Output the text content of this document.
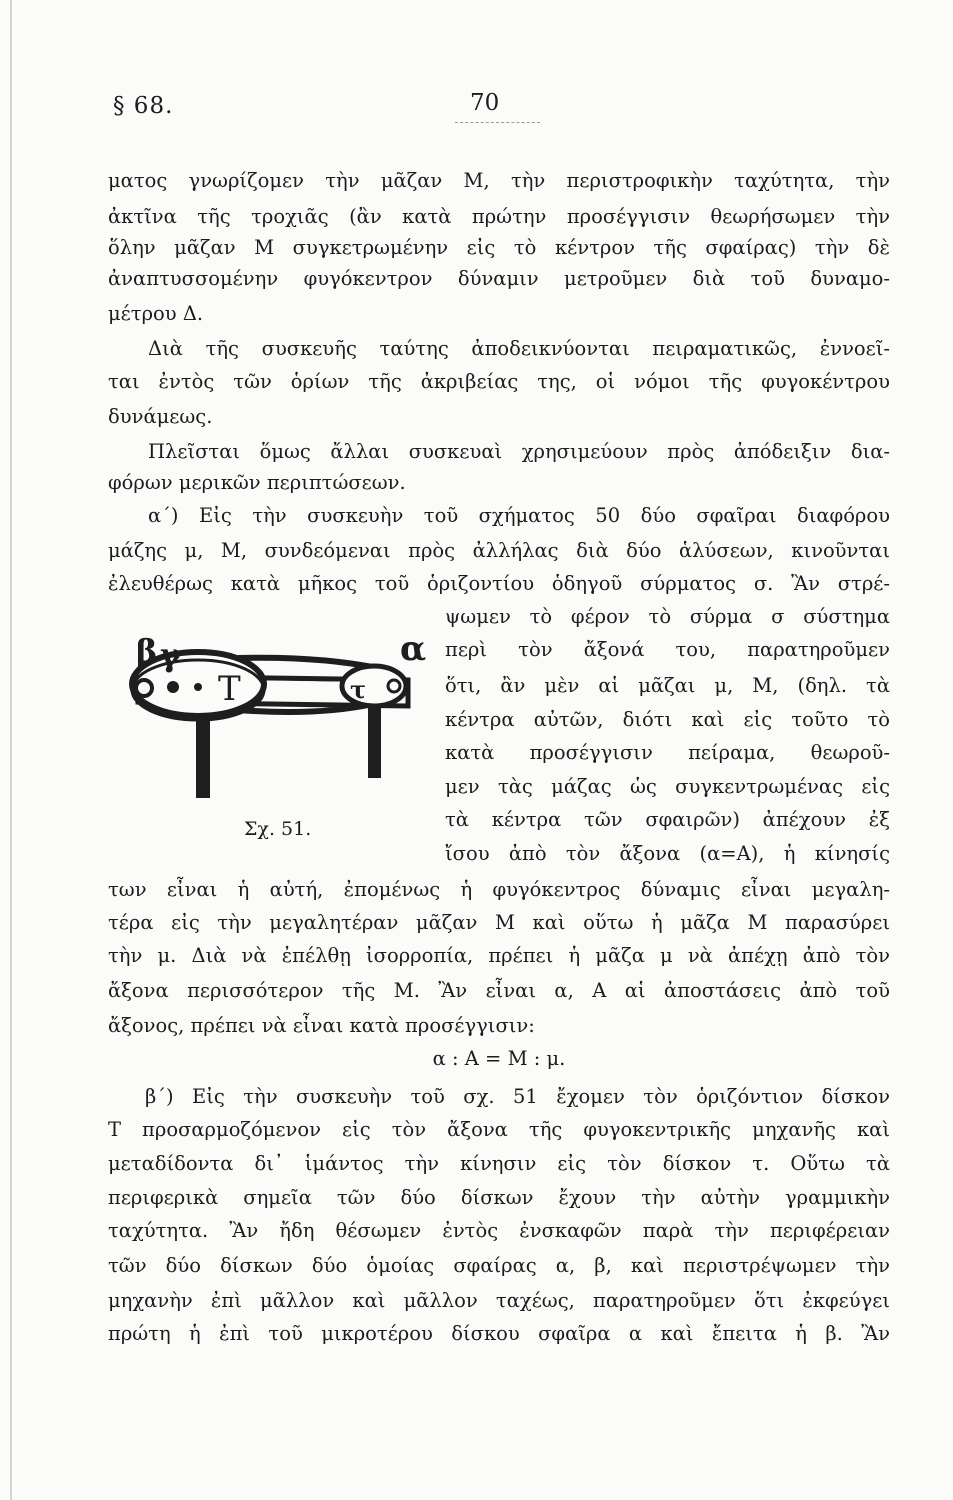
§ 68.	70
ματος γνωρίζομεν τὴν μᾶζαν Μ, τὴν περιστροφικὴν ταχύτητα, τὴν
ἀκτῖνα τῆς τροχιᾶς (ἂν κατὰ πρώτην προσέγγισιν θεωρήσωμεν τὴν
ὅλην μᾶζαν Μ συγκετρωμένην εἰς τὸ κέντρον τῆς σφαίρας) τὴν δὲ
ἀναπτυσσομένην φυγόκεντρον δύναμιν μετροῦμεν διὰ τοῦ δυναμο-
μέτρου Δ.
Διὰ τῆς συσκευῆς ταύτης ἀποδεικνύονται πειραματικῶς, ἐννοεῖ-
ται ἐντὸς τῶν ὁρίων τῆς ἀκριβείας της, οἱ νόμοι τῆς φυγοκέντρου
δυνάμεως.
Πλεῖσται ὅμως ἄλλαι συσκευαὶ χρησιμεύουν πρὸς ἀπόδειξιν δια-
φόρων μερικῶν περιπτώσεων.
α΄) Εἰς τὴν συσκευὴν τοῦ σχήματος 50 δύο σφαῖραι διαφόρου
μάζης μ, Μ, συνδεόμεναι πρὸς ἀλλήλας διὰ δύο ἁλύσεων, κινοῦνται
ἐλευθέρως κατὰ μῆκος τοῦ ὁριζοντίου ὁδηγοῦ σύρματος σ. Ἂν στρέ-
ψωμεν τὸ φέρον τὸ σύρμα σ σύστημα
περὶ τὸν ἄξονά του, παρατηροῦμεν
ὅτι, ἂν μὲν αἱ μᾶζαι μ, Μ, (δηλ. τὰ
κέντρα αὐτῶν, διότι καὶ εἰς τοῦτο τὸ
κατὰ προσέγγισιν πείραμα, θεωροῦ-
μεν τὰς μάζας ὡς συγκεντρωμένας εἰς
τὰ κέντρα τῶν σφαιρῶν) ἀπέχουν ἐξ
ἴσου ἀπὸ τὸν ἄξονα (α=Α), ἡ κίνησίς
Τ	τ
β γ	α
Σχ. 51.
των εἶναι ἡ αὐτή, ἐπομένως ἡ φυγόκεντρος δύναμις εἶναι μεγαλη-
τέρα εἰς τὴν μεγαλητέραν μᾶζαν Μ καὶ οὕτω ἡ μᾶζα Μ παρασύρει
τὴν μ. Διὰ νὰ ἐπέλθῃ ἰσορροπία, πρέπει ἡ μᾶζα μ νὰ ἀπέχῃ ἀπὸ τὸν
ἄξονα περισσότερον τῆς Μ. Ἂν εἶναι α, Α αἱ ἀποστάσεις ἀπὸ τοῦ
ἄξονος, πρέπει νὰ εἶναι κατὰ προσέγγισιν:
α : Α = Μ : μ.
β΄) Εἰς τὴν συσκευὴν τοῦ σχ. 51 ἔχομεν τὸν ὁριζόντιον δίσκον
Τ προσαρμοζόμενον εἰς τὸν ἄξονα τῆς φυγοκεντρικῆς μηχανῆς καὶ
μεταδίδοντα δι᾽ ἱμάντος τὴν κίνησιν εἰς τὸν δίσκον τ. Οὕτω τὰ
περιφερικὰ σημεῖα τῶν δύο δίσκων ἔχουν τὴν αὐτὴν γραμμικὴν
ταχύτητα. Ἂν ἤδη θέσωμεν ἐντὸς ἐνσκαφῶν παρὰ τὴν περιφέρειαν
τῶν δύο δίσκων δύο ὁμοίας σφαίρας α, β, καὶ περιστρέψωμεν τὴν
μηχανὴν ἐπὶ μᾶλλον καὶ μᾶλλον ταχέως, παρατηροῦμεν ὅτι ἐκφεύγει
πρώτη ἡ ἐπὶ τοῦ μικροτέρου δίσκου σφαῖρα α καὶ ἔπειτα ἡ β. Ἂν
